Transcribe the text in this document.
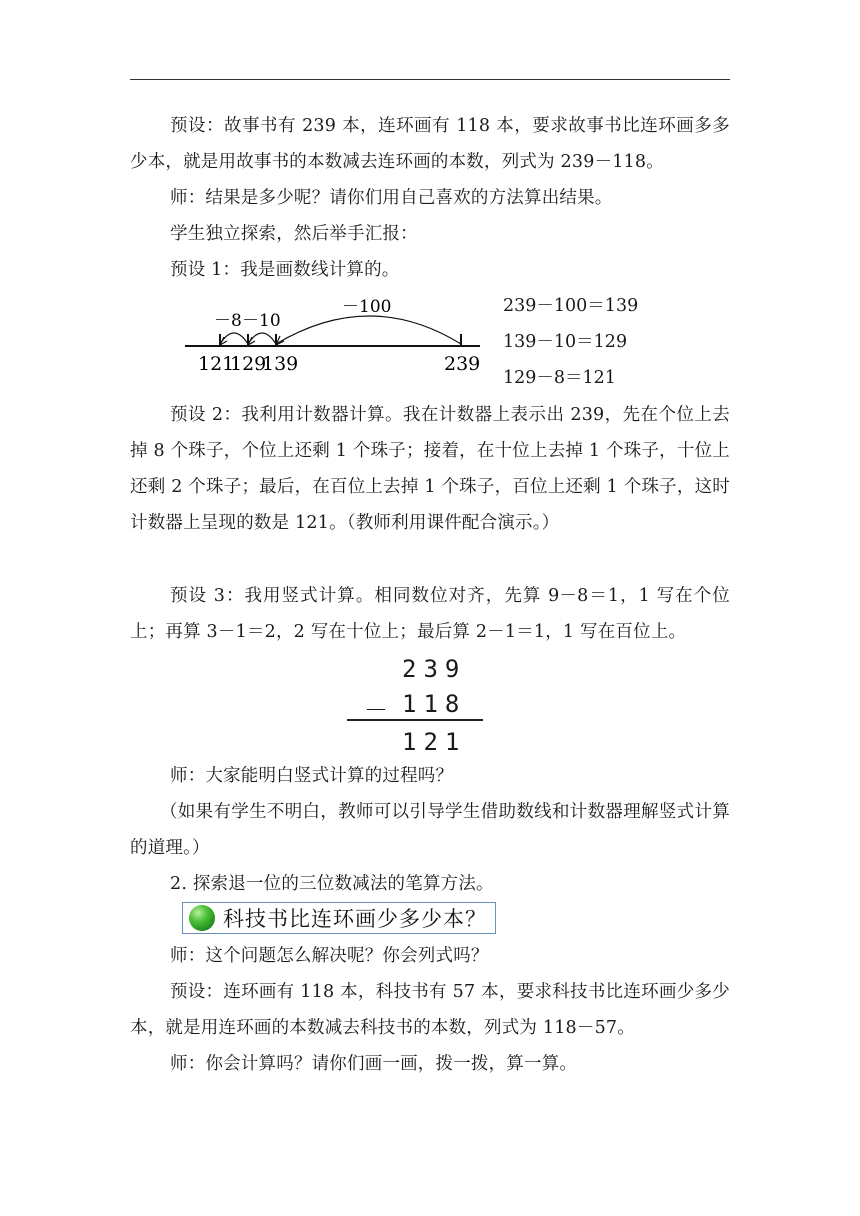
预设：故事书有 239 本，连环画有 118 本，要求故事书比连环画多多少本，就是用故事书的本数减去连环画的本数，列式为 239－118。

师：结果是多少呢？请你们用自己喜欢的方法算出结果。

学生独立探索，然后举手汇报：

预设 1：我是画数线计算的。

－8 －10
－100
121
129
139	239
239－100＝139
139－10＝129
129－8＝121

预设 2：我利用计数器计算。我在计数器上表示出 239，先在个位上去掉 8 个珠子，个位上还剩 1 个珠子；接着，在十位上去掉 1 个珠子，十位上还剩 2 个珠子；最后，在百位上去掉 1 个珠子，百位上还剩 1 个珠子，这时计数器上呈现的数是 121。（教师利用课件配合演示。）

预设 3：我用竖式计算。相同数位对齐，先算 9－8＝1，1 写在个位上；再算 3－1＝2，2 写在十位上；最后算 2－1＝1，1 写在百位上。

239
－ 118
121

师：大家能明白竖式计算的过程吗？

（如果有学生不明白，教师可以引导学生借助数线和计数器理解竖式计算的道理。）

2. 探索退一位的三位数减法的笔算方法。

科技书比连环画少多少本？

师：这个问题怎么解决呢？你会列式吗？

预设：连环画有 118 本，科技书有 57 本，要求科技书比连环画少多少本，就是用连环画的本数减去科技书的本数，列式为 118－57。

师：你会计算吗？请你们画一画，拨一拨，算一算。
